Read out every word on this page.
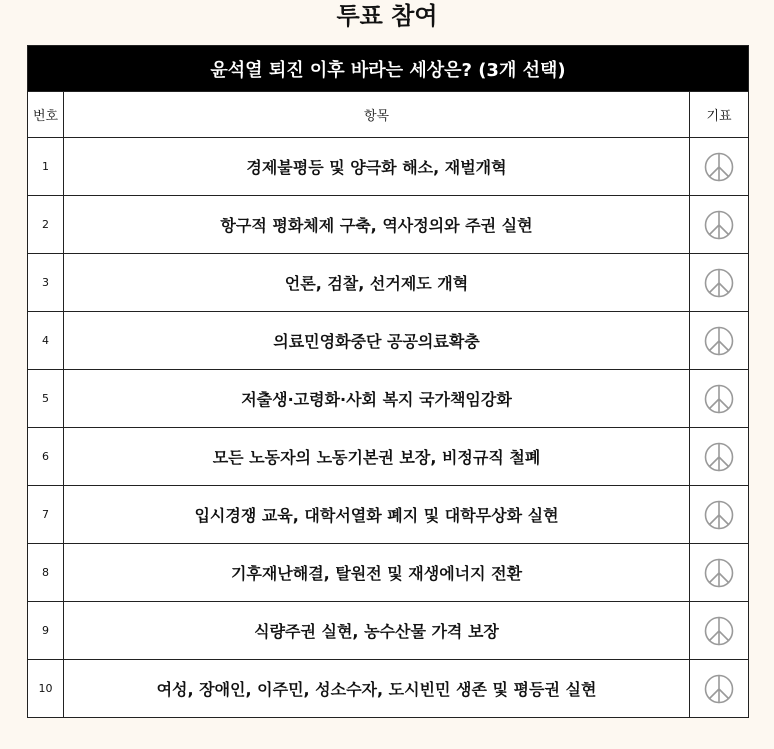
투표 참여
윤석열 퇴진 이후 바라는 세상은? (3개 선택)		
번호	항목	기표
1	경제불평등 및 양극화 해소, 재벌개혁	
2	항구적 평화체제 구축, 역사정의와 주권 실현	
3	언론, 검찰, 선거제도 개혁	
4	의료민영화중단 공공의료확충	
5	저출생·고령화·사회 복지 국가책임강화	
6	모든 노동자의 노동기본권 보장, 비정규직 철폐	
7	입시경쟁 교육, 대학서열화 폐지 및 대학무상화 실현	
8	기후재난해결, 탈원전 및 재생에너지 전환	
9	식량주권 실현, 농수산물 가격 보장	
10	여성, 장애인, 이주민, 성소수자, 도시빈민 생존 및 평등권 실현	
